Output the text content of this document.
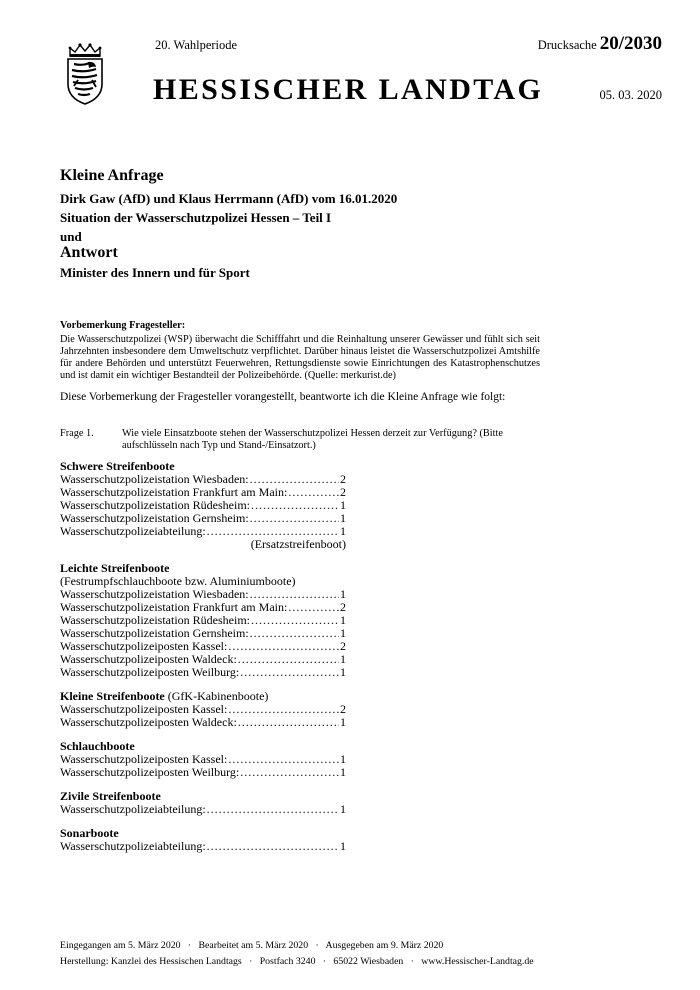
20. Wahlperiode	Drucksache 20/2030
HESSISCHER LANDTAG	05. 03. 2020
Kleine Anfrage
Dirk Gaw (AfD) und Klaus Herrmann (AfD) vom 16.01.2020
Situation der Wasserschutzpolizei Hessen – Teil I
und
Antwort
Minister des Innern und für Sport
Vorbemerkung Fragesteller:
Die Wasserschutzpolizei (WSP) überwacht die Schifffahrt und die Reinhaltung unserer Gewässer und fühlt sich seit Jahrzehnten insbesondere dem Umweltschutz verpflichtet. Darüber hinaus leistet die Wasserschutzpolizei Amtshilfe für andere Behörden und unterstützt Feuerwehren, Rettungsdienste sowie Einrichtungen des Katastrophenschutzes und ist damit ein wichtiger Bestandteil der Polizeibehörde. (Quelle: merkurist.de)
Diese Vorbemerkung der Fragesteller vorangestellt, beantworte ich die Kleine Anfrage wie folgt:
Frage 1.	Wie viele Einsatzboote stehen der Wasserschutzpolizei Hessen derzeit zur Verfügung? (Bitte aufschlüsseln nach Typ und Stand-/Einsatzort.)
Schwere Streifenboote
Wasserschutzpolizeistation Wiesbaden: .....	2
Wasserschutzpolizeistation Frankfurt am Main: .....	2
Wasserschutzpolizeistation Rüdesheim: .....	1
Wasserschutzpolizeistation Gernsheim: .....	1
Wasserschutzpolizeiabteilung: .....	1
(Ersatzstreifenboot)
Leichte Streifenboote
(Festrumpfschlauchboote bzw. Aluminiumboote)
Wasserschutzpolizeistation Wiesbaden: .....	1
Wasserschutzpolizeistation Frankfurt am Main: .....	2
Wasserschutzpolizeistation Rüdesheim: .....	1
Wasserschutzpolizeistation Gernsheim: .....	1
Wasserschutzpolizeiposten Kassel: .....	2
Wasserschutzpolizeiposten Waldeck: .....	1
Wasserschutzpolizeiposten Weilburg: .....	1
Kleine Streifenboote (GfK-Kabinenboote)
Wasserschutzpolizeiposten Kassel: .....	2
Wasserschutzpolizeiposten Waldeck: .....	1
Schlauchboote
Wasserschutzpolizeiposten Kassel: .....	1
Wasserschutzpolizeiposten Weilburg: .....	1
Zivile Streifenboote
Wasserschutzpolizeiabteilung: .....	1
Sonarboote
Wasserschutzpolizeiabteilung: .....	1
Eingegangen am 5. März 2020   ·   Bearbeitet am 5. März 2020   ·   Ausgegeben am 9. März 2020
Herstellung: Kanzlei des Hessischen Landtags   ·   Postfach 3240   ·   65022 Wiesbaden   ·   www.Hessischer-Landtag.de
